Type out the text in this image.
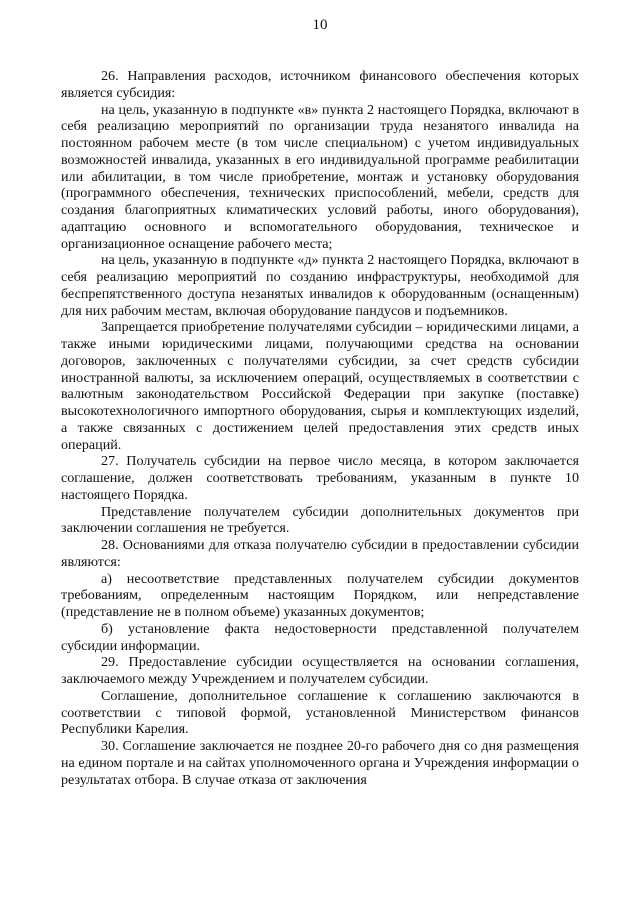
10

26. Направления расходов, источником финансового обеспечения которых является субсидия:

на цель, указанную в подпункте «в» пункта 2 настоящего Порядка, включают в себя реализацию мероприятий по организации труда незанятого инвалида на постоянном рабочем месте (в том числе специальном) с учетом индивидуальных возможностей инвалида, указанных в его индивидуальной программе реабилитации или абилитации, в том числе приобретение, монтаж и установку оборудования (программного обеспечения, технических приспособлений, мебели, средств для создания благоприятных климатических условий работы, иного оборудования), адаптацию основного и вспомогательного оборудования, техническое и организационное оснащение рабочего места;

на цель, указанную в подпункте «д» пункта 2 настоящего Порядка, включают в себя реализацию мероприятий по созданию инфраструктуры, необходимой для беспрепятственного доступа незанятых инвалидов к оборудованным (оснащенным) для них рабочим местам, включая оборудование пандусов и подъемников.

Запрещается приобретение получателями субсидии – юридическими лицами, а также иными юридическими лицами, получающими средства на основании договоров, заключенных с получателями субсидии, за счет средств субсидии иностранной валюты, за исключением операций, осуществляемых в соответствии с валютным законодательством Российской Федерации при закупке (поставке) высокотехнологичного импортного оборудования, сырья и комплектующих изделий, а также связанных с достижением целей предоставления этих средств иных операций.

27. Получатель субсидии на первое число месяца, в котором заключается соглашение, должен соответствовать требованиям, указанным в пункте 10 настоящего Порядка.

Представление получателем субсидии дополнительных документов при заключении соглашения не требуется.

28. Основаниями для отказа получателю субсидии в предоставлении субсидии являются:

а) несоответствие представленных получателем субсидии документов требованиям, определенным настоящим Порядком, или непредставление (представление не в полном объеме) указанных документов;

б) установление факта недостоверности представленной получателем субсидии информации.

29. Предоставление субсидии осуществляется на основании соглашения, заключаемого между Учреждением и получателем субсидии.

Соглашение, дополнительное соглашение к соглашению заключаются в соответствии с типовой формой, установленной Министерством финансов Республики Карелия.

30. Соглашение заключается не позднее 20-го рабочего дня со дня размещения на едином портале и на сайтах уполномоченного органа и Учреждения информации о результатах отбора. В случае отказа от заключения
